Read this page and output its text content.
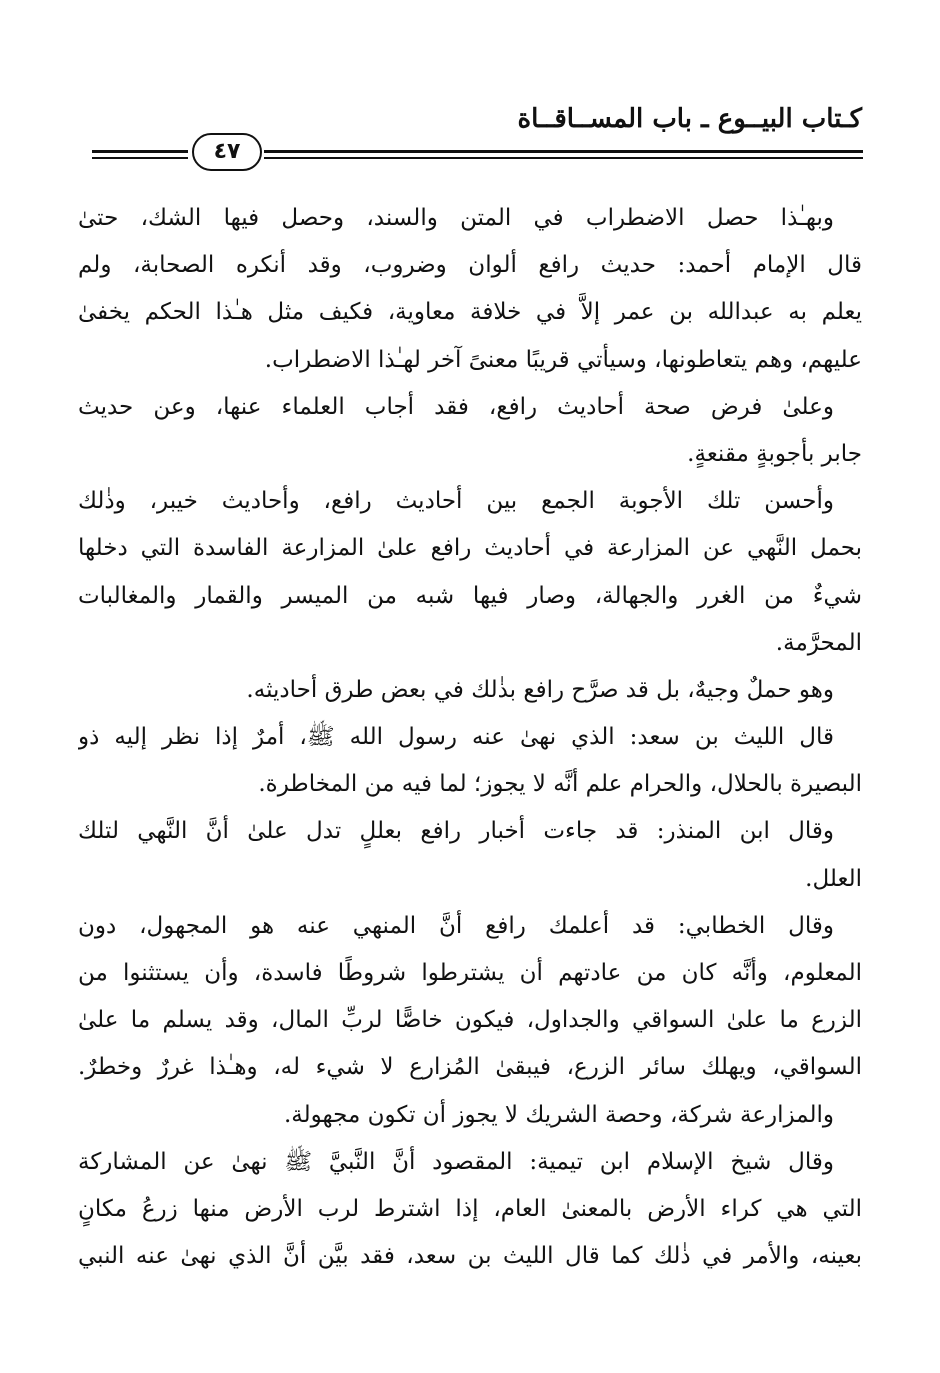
كـتاب البيــوع ـ باب المســاقــاة
٤٧
وبهـٰذا حصل الاضطراب في المتن والسند، وحصل فيها الشك، حتىٰ
قال الإمام أحمد: حديث رافع ألوان وضروب، وقد أنكره الصحابة، ولم
يعلم به عبدالله بن عمر إلاَّ في خلافة معاوية، فكيف مثل هـٰذا الحكم يخفىٰ
عليهم، وهم يتعاطونها، وسيأتي قريبًا معنىً آخر لهـٰذا الاضطراب.
وعلىٰ فرض صحة أحاديث رافع، فقد أجاب العلماء عنها، وعن حديث
جابر بأجوبةٍ مقنعةٍ.
وأحسن تلك الأجوبة الجمع بين أحاديث رافع، وأحاديث خيبر، وذٰلك
بحمل النَّهي عن المزارعة في أحاديث رافع علىٰ المزارعة الفاسدة التي دخلها
شيءٌ من الغرر والجهالة، وصار فيها شبه من الميسر والقمار والمغالبات
المحرَّمة.
وهو حملٌ وجيهٌ، بل قد صرَّح رافع بذٰلك في بعض طرق أحاديثه.
قال الليث بن سعد: الذي نهىٰ عنه رسول الله ﷺ، أمرٌ إذا نظر إليه ذو
البصيرة بالحلال، والحرام علم أنَّه لا يجوز؛ لما فيه من المخاطرة.
وقال ابن المنذر: قد جاءت أخبار رافع بعللٍ تدل علىٰ أنَّ النَّهي لتلك
العلل.
وقال الخطابي: قد أعلمك رافع أنَّ المنهي عنه هو المجهول، دون
المعلوم، وأنَّه كان من عادتهم أن يشترطوا شروطًا فاسدة، وأن يستثنوا من
الزرع ما علىٰ السواقي والجداول، فيكون خاصًّا لربِّ المال، وقد يسلم ما علىٰ
السواقي، ويهلك سائر الزرع، فيبقىٰ المُزارع لا شيء له، وهـٰذا غررٌ وخطرٌ.
والمزارعة شركة، وحصة الشريك لا يجوز أن تكون مجهولة.
وقال شيخ الإسلام ابن تيمية: المقصود أنَّ النَّبيَّ ﷺ نهىٰ عن المشاركة
التي هي كراء الأرض بالمعنىٰ العام، إذا اشترط لرب الأرض منها زرعُ مكانٍ
بعينه، والأمر في ذٰلك كما قال الليث بن سعد، فقد بيَّن أنَّ الذي نهىٰ عنه النبي
